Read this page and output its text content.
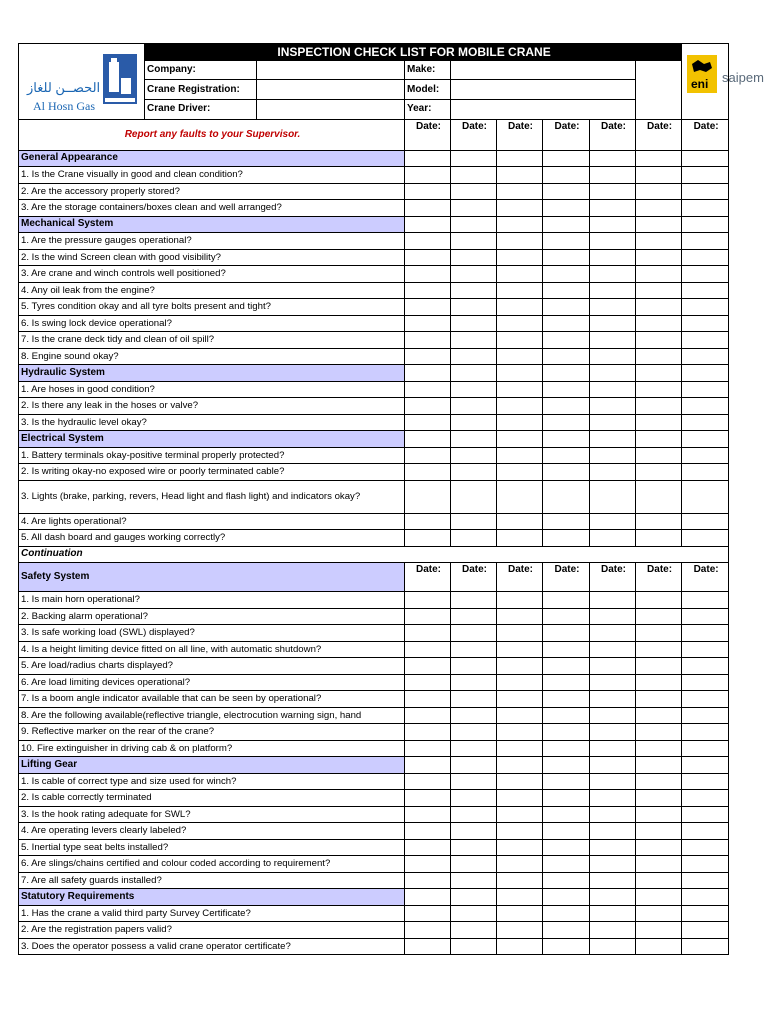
الحصــن للغاز
Al Hosn Gas	INSPECTION CHECK LIST FOR MOBILE CRANE								eni saipem

	Company:		Make:						
	Crane Registration:		Model:						
	Crane Driver:		Year:						
Report any faults to your Supervisor.			Date:	Date:	Date:	Date:	Date:	Date:	Date:
General Appearance									
1. Is the Crane visually in good and clean condition?									
2. Are the accessory properly stored?									
3. Are the storage containers/boxes clean and well arranged?									
Mechanical System									
1. Are the pressure gauges operational?									
2. Is the wind Screen clean with good visibility?									
3. Are crane and winch controls well positioned?									
4. Any oil leak from the engine?									
5. Tyres condition okay and all tyre bolts present and tight?									
6. Is swing lock device operational?									
7. Is the crane deck tidy and clean of oil spill?									
8. Engine sound okay?									
Hydraulic System									
1. Are hoses in good condition?									
2. Is there any leak in the hoses or valve?									
3. Is the hydraulic level okay?									
Electrical System									
1. Battery terminals okay-positive terminal properly protected?									
2. Is writing okay-no exposed wire or poorly terminated cable?									
3. Lights (brake, parking, revers, Head light and flash light) and indicators okay?									
4. Are lights operational?									
5. All dash board and gauges working correctly?									
Continuation									
Safety System			Date:	Date:	Date:	Date:	Date:	Date:	Date:
1. Is main horn operational?									
2. Backing alarm operational?									
3. Is safe working load (SWL) displayed?									
4. Is a height limiting device fitted on all line, with automatic shutdown?									
5. Are load/radius charts displayed?									
6. Are load limiting devices operational?									
7. Is a boom angle indicator available that can be seen by operational?									
8. Are the following available(reflective triangle, electrocution warning sign, hand									
9. Reflective marker on the rear of the crane?									
10. Fire extinguisher in driving cab & on platform?									
Lifting Gear									
1. Is cable of correct type and size used for winch?									
2. Is cable correctly terminated									
3. Is the hook rating adequate for SWL?									
4. Are operating levers clearly labeled?									
5. Inertial type seat belts installed?									
6. Are slings/chains certified and colour coded according to requirement?									
7. Are all safety guards installed?									
Statutory Requirements									
1. Has the crane a valid third party Survey Certificate?									
2. Are the registration papers valid?									
3. Does the operator possess a valid crane operator certificate?									
